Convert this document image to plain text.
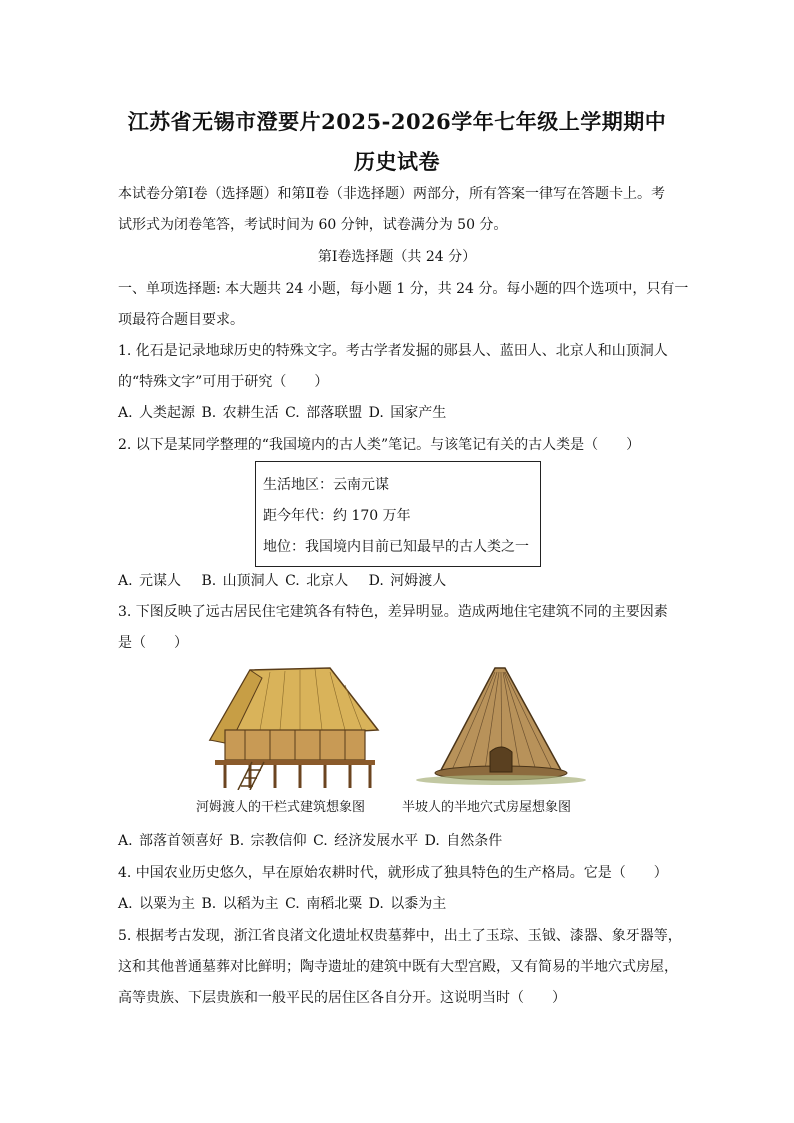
江苏省无锡市澄要片2025-2026学年七年级上学期期中
历史试卷
本试卷分第Ⅰ卷（选择题）和第Ⅱ卷（非选择题）两部分，所有答案一律写在答题卡上。考
试形式为闭卷笔答，考试时间为 60 分钟，试卷满分为 50 分。
第Ⅰ卷选择题（共 24 分）
一、单项选择题: 本大题共 24 小题，每小题 1 分，共 24 分。每小题的四个选项中，只有一
项最符合题目要求。
1. 化石是记录地球历史的特殊文字。考古学者发掘的郧县人、蓝田人、北京人和山顶洞人
的“特殊文字”可用于研究（　　）
A. 人类起源 B. 农耕生活 C. 部落联盟 D. 国家产生
2. 以下是某同学整理的“我国境内的古人类”笔记。与该笔记有关的古人类是（　　）
生活地区：云南元谋
距今年代：约 170 万年
地位：我国境内目前已知最早的古人类之一
A. 元谋人　 B. 山顶洞人 C. 北京人　 D. 河姆渡人
3. 下图反映了远古居民住宅建筑各有特色，差异明显。造成两地住宅建筑不同的主要因素
是（　　）
河姆渡人的干栏式建筑想象图	半坡人的半地穴式房屋想象图
A. 部落首领喜好 B. 宗教信仰 C. 经济发展水平 D. 自然条件
4. 中国农业历史悠久，早在原始农耕时代，就形成了独具特色的生产格局。它是（　　）
A. 以粟为主 B. 以稻为主 C. 南稻北粟 D. 以黍为主
5. 根据考古发现，浙江省良渚文化遗址权贵墓葬中，出土了玉琮、玉钺、漆器、象牙器等，
这和其他普通墓葬对比鲜明；陶寺遗址的建筑中既有大型宫殿，又有简易的半地穴式房屋，
高等贵族、下层贵族和一般平民的居住区各自分开。这说明当时（　　）
